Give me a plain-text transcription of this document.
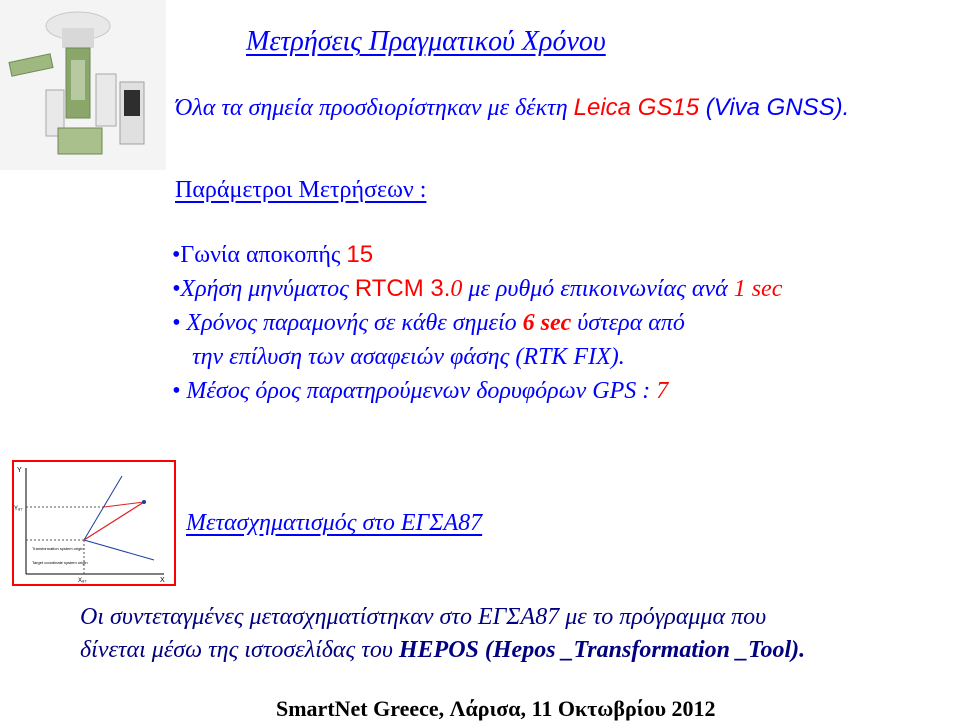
Μετρήσεις Πραγματικού Χρόνου
Όλα τα σημεία προσδιορίστηκαν με δέκτη Leica GS15 (Viva GNSS).
Παράμετροι Μετρήσεων :
•Γωνία αποκοπής 15
•Χρήση μηνύματος RTCM 3.0 με ρυθμό επικοινωνίας ανά 1 sec
• Χρόνος παραμονής σε κάθε σημείο 6 sec ύστερα από
την επίλυση των ασαφειών φάσης (RTK FIX).
• Μέσος όρος παρατηρούμενων δορυφόρων GPS : 7
Y
X
X₈₇
Y₈₇
Transformation system origin
Target coordinate system origin
Μετασχηματισμός στο ΕΓΣΑ87
Οι συντεταγμένες μετασχηματίστηκαν στο ΕΓΣΑ87 με το πρόγραμμα που
δίνεται μέσω της ιστοσελίδας του HEPOS (Hepos _Transformation _Tool).
SmartNet Greece, Λάρισα, 11 Οκτωβρίου 2012
